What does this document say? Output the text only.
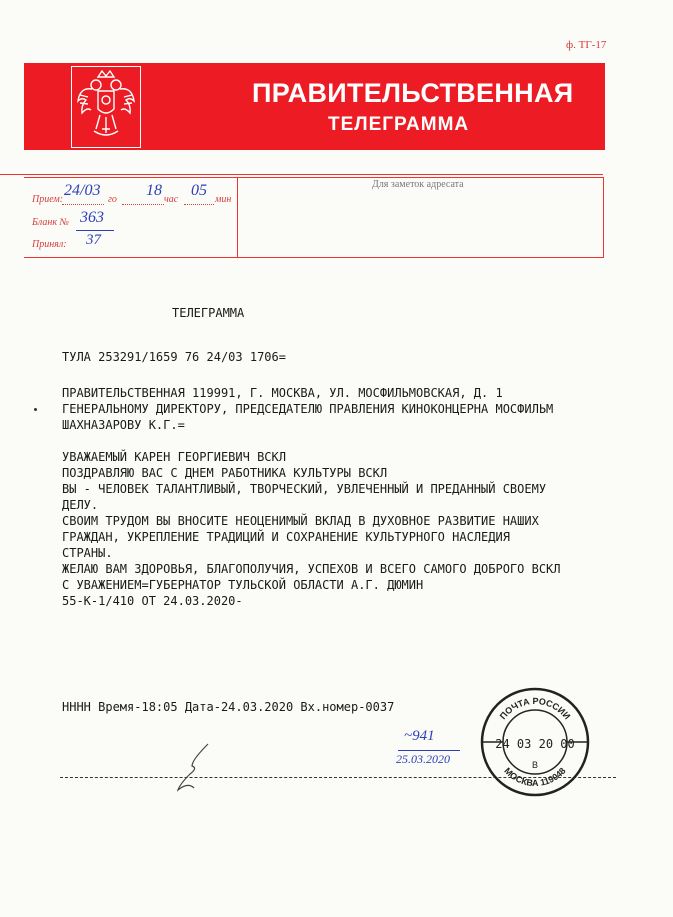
ф. ТГ-17
ПРАВИТЕЛЬСТВЕННАЯ
ТЕЛЕГРАММА
Прием:
24/03
го
18
час
05
мин
Бланк № 363
Принял: 37
Для заметок адресата
ТЕЛЕГРАММА
ТУЛА 253291/1659 76 24/03 1706=
ПРАВИТЕЛЬСТВЕННАЯ 119991, Г. МОСКВА, УЛ. МОСФИЛЬМОВСКАЯ, Д. 1
ГЕНЕРАЛЬНОМУ ДИРЕКТОРУ, ПРЕДСЕДАТЕЛЮ ПРАВЛЕНИЯ КИНОКОНЦЕРНА МОСФИЛЬМ
ШАХНАЗАРОВУ К.Г.=
УВАЖАЕМЫЙ КАРЕН ГЕОРГИЕВИЧ ВСКЛ
ПОЗДРАВЛЯЮ ВАС С ДНЕМ РАБОТНИКА КУЛЬТУРЫ ВСКЛ
ВЫ - ЧЕЛОВЕК ТАЛАНТЛИВЫЙ, ТВОРЧЕСКИЙ, УВЛЕЧЕННЫЙ И ПРЕДАННЫЙ СВОЕМУ
ДЕЛУ.
СВОИМ ТРУДОМ ВЫ ВНОСИТЕ НЕОЦЕНИМЫЙ ВКЛАД В ДУХОВНОЕ РАЗВИТИЕ НАШИХ
ГРАЖДАН, УКРЕПЛЕНИЕ ТРАДИЦИЙ И СОХРАНЕНИЕ КУЛЬТУРНОГО НАСЛЕДИЯ
СТРАНЫ.
ЖЕЛАЮ ВАМ ЗДОРОВЬЯ, БЛАГОПОЛУЧИЯ, УСПЕХОВ И ВСЕГО САМОГО ДОБРОГО ВСКЛ
С УВАЖЕНИЕМ=ГУБЕРНАТОР ТУЛЬСКОЙ ОБЛАСТИ А.Г. ДЮМИН
55-К-1/410 ОТ 24.03.2020-
НННН Время-18:05 Дата-24.03.2020 Вх.номер-0037
~941
25.03.2020
ПОЧТА РОССИИ
24 03 20 00
В
МОСКВА 119048
